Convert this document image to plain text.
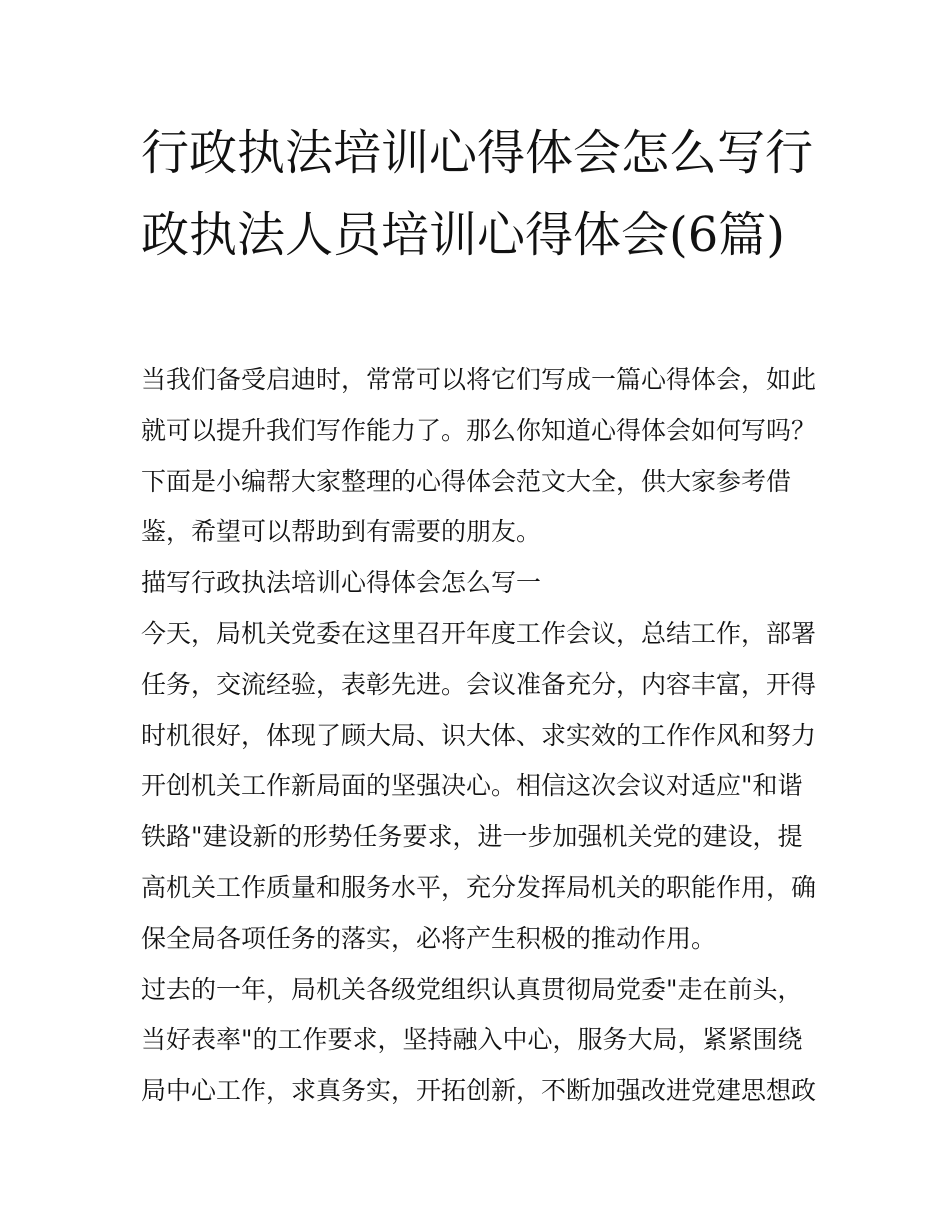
行政执法培训心得体会怎么写行政执法人员培训心得体会(6篇)

当我们备受启迪时，常常可以将它们写成一篇心得体会，如此就可以提升我们写作能力了。那么你知道心得体会如何写吗？下面是小编帮大家整理的心得体会范文大全，供大家参考借鉴，希望可以帮助到有需要的朋友。

描写行政执法培训心得体会怎么写一

今天，局机关党委在这里召开年度工作会议，总结工作，部署任务，交流经验，表彰先进。会议准备充分，内容丰富，开得时机很好，体现了顾大局、识大体、求实效的工作作风和努力开创机关工作新局面的坚强决心。相信这次会议对适应"和谐铁路"建设新的形势任务要求，进一步加强机关党的建设，提高机关工作质量和服务水平，充分发挥局机关的职能作用，确保全局各项任务的落实，必将产生积极的推动作用。

过去的一年，局机关各级党组织认真贯彻局党委"走在前头，当好表率"的工作要求，坚持融入中心，服务大局，紧紧围绕局中心工作，求真务实，开拓创新，不断加强改进党建思想政
